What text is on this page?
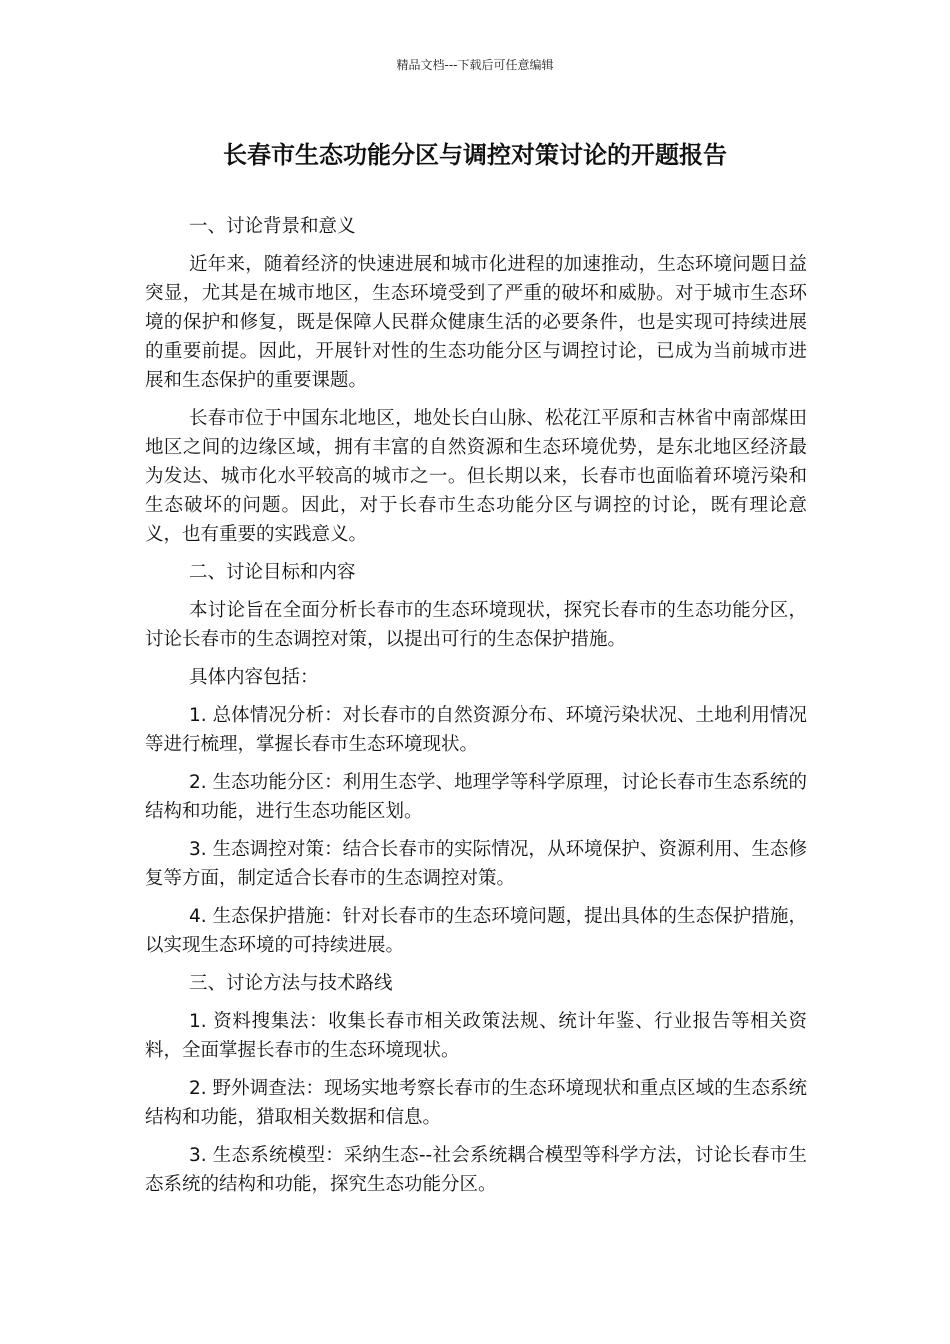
精品文档---下载后可任意编辑
长春市生态功能分区与调控对策讨论的开题报告

一、讨论背景和意义

近年来，随着经济的快速进展和城市化进程的加速推动，生态环境问题日益突显，尤其是在城市地区，生态环境受到了严重的破坏和威胁。对于城市生态环境的保护和修复，既是保障人民群众健康生活的必要条件，也是实现可持续进展的重要前提。因此，开展针对性的生态功能分区与调控讨论，已成为当前城市进展和生态保护的重要课题。

长春市位于中国东北地区，地处长白山脉、松花江平原和吉林省中南部煤田地区之间的边缘区域，拥有丰富的自然资源和生态环境优势，是东北地区经济最为发达、城市化水平较高的城市之一。但长期以来，长春市也面临着环境污染和生态破坏的问题。因此，对于长春市生态功能分区与调控的讨论，既有理论意义，也有重要的实践意义。

二、讨论目标和内容

本讨论旨在全面分析长春市的生态环境现状，探究长春市的生态功能分区，讨论长春市的生态调控对策，以提出可行的生态保护措施。

具体内容包括：

1. 总体情况分析：对长春市的自然资源分布、环境污染状况、土地利用情况等进行梳理，掌握长春市生态环境现状。

2. 生态功能分区：利用生态学、地理学等科学原理，讨论长春市生态系统的结构和功能，进行生态功能区划。

3. 生态调控对策：结合长春市的实际情况，从环境保护、资源利用、生态修复等方面，制定适合长春市的生态调控对策。

4. 生态保护措施：针对长春市的生态环境问题，提出具体的生态保护措施，以实现生态环境的可持续进展。

三、讨论方法与技术路线

1. 资料搜集法：收集长春市相关政策法规、统计年鉴、行业报告等相关资料，全面掌握长春市的生态环境现状。

2. 野外调查法：现场实地考察长春市的生态环境现状和重点区域的生态系统结构和功能，猎取相关数据和信息。

3. 生态系统模型：采纳生态--社会系统耦合模型等科学方法，讨论长春市生态系统的结构和功能，探究生态功能分区。
